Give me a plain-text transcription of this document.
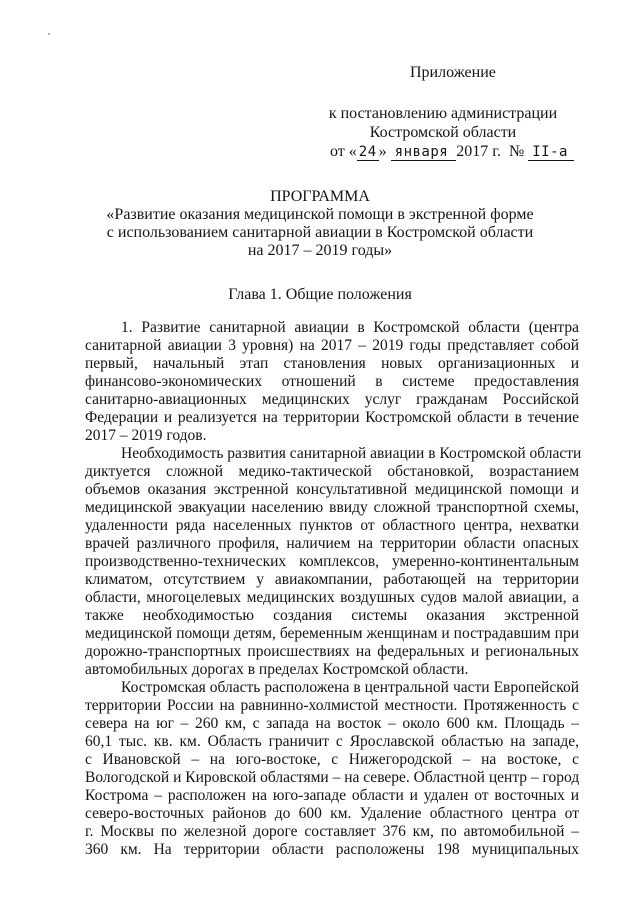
Приложение
к постановлению администрации
Костромской области
от « 24 » января 2017 г. № II-а
ПРОГРАММА
«Развитие оказания медицинской помощи в экстренной форме
с использованием санитарной авиации в Костромской области
на 2017 – 2019 годы»
Глава 1. Общие положения
1. Развитие санитарной авиации в Костромской области (центра
санитарной авиации 3 уровня) на 2017 – 2019 годы представляет собой
первый, начальный этап становления новых организационных и
финансово-экономических отношений в системе предоставления
санитарно-авиационных медицинских услуг гражданам Российской
Федерации и реализуется на территории Костромской области в течение
2017 – 2019 годов.
Необходимость развития санитарной авиации в Костромской области
диктуется сложной медико-тактической обстановкой, возрастанием
объемов оказания экстренной консультативной медицинской помощи и
медицинской эвакуации населению ввиду сложной транспортной схемы,
удаленности ряда населенных пунктов от областного центра, нехватки
врачей различного профиля, наличием на территории области опасных
производственно-технических комплексов, умеренно-континентальным
климатом, отсутствием у авиакомпании, работающей на территории
области, многоцелевых медицинских воздушных судов малой авиации, а
также необходимостью создания системы оказания экстренной
медицинской помощи детям, беременным женщинам и пострадавшим при
дорожно-транспортных происшествиях на федеральных и региональных
автомобильных дорогах в пределах Костромской области.
Костромская область расположена в центральной части Европейской
территории России на равнинно-холмистой местности. Протяженность с
севера на юг – 260 км, с запада на восток – около 600 км. Площадь –
60,1 тыс. кв. км. Область граничит с Ярославской областью на западе,
с Ивановской – на юго-востоке, с Нижегородской – на востоке, с
Вологодской и Кировской областями – на севере. Областной центр – город
Кострома – расположен на юго-западе области и удален от восточных и
северо-восточных районов до 600 км. Удаление областного центра от
г. Москвы по железной дороге составляет 376 км, по автомобильной –
360 км. На территории области расположены 198 муниципальных
